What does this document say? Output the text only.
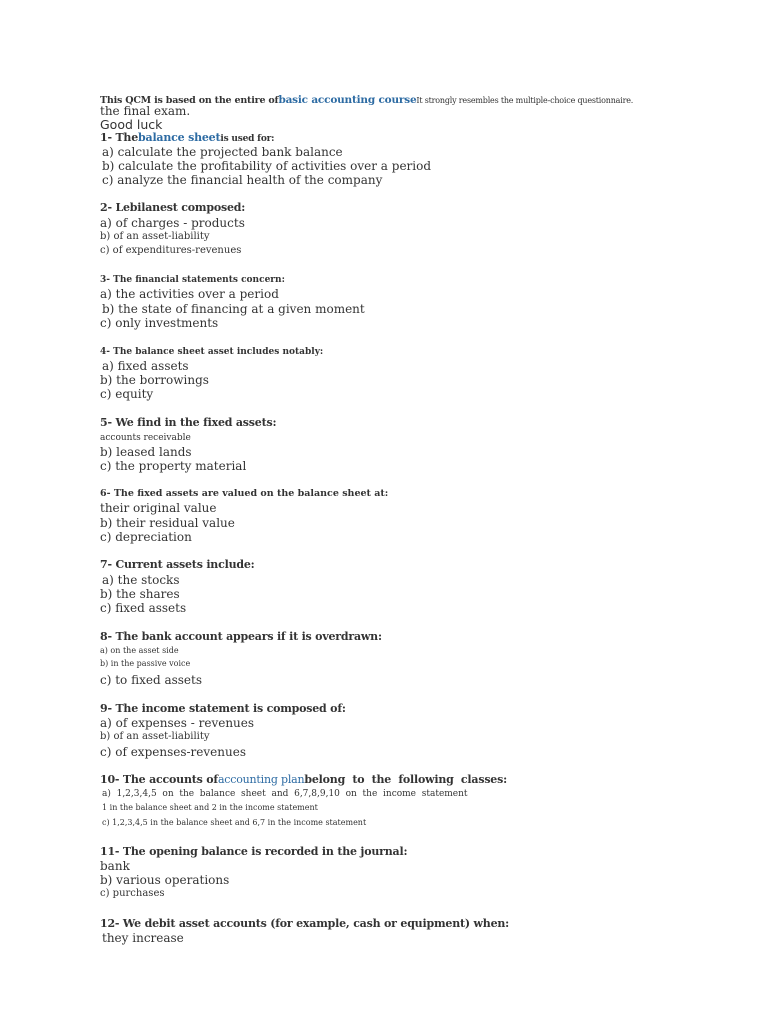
This QCM is based on the entire ofbasic accounting courseIt strongly resembles the multiple-choice questionnaire.
the final exam.
Good luck
1- Thebalance sheetis used for:
a) calculate the projected bank balance
b) calculate the profitability of activities over a period
c) analyze the financial health of the company
2- Lebilanest composed:
a) of charges - products
b) of an asset-liability
c) of expenditures-revenues
3- The financial statements concern:
a) the activities over a period
b) the state of financing at a given moment
c) only investments
4- The balance sheet asset includes notably:
a) fixed assets
b) the borrowings
c) equity
5- We find in the fixed assets:
accounts receivable
b) leased lands
c) the property material
6- The fixed assets are valued on the balance sheet at:
their original value
b) their residual value
c) depreciation
7- Current assets include:
a) the stocks
b) the shares
c) fixed assets
8- The bank account appears if it is overdrawn:
a) on the asset side
b) in the passive voice
c) to fixed assets
9- The income statement is composed of:
a) of expenses - revenues
b) of an asset-liability
c) of expenses-revenues
10- The accounts ofaccounting planbelong  to  the  following  classes:
a)  1,2,3,4,5  on  the  balance  sheet  and  6,7,8,9,10  on  the  income  statement
1 in the balance sheet and 2 in the income statement
c) 1,2,3,4,5 in the balance sheet and 6,7 in the income statement
11- The opening balance is recorded in the journal:
bank
b) various operations
c) purchases
12- We debit asset accounts (for example, cash or equipment) when:
they increase
